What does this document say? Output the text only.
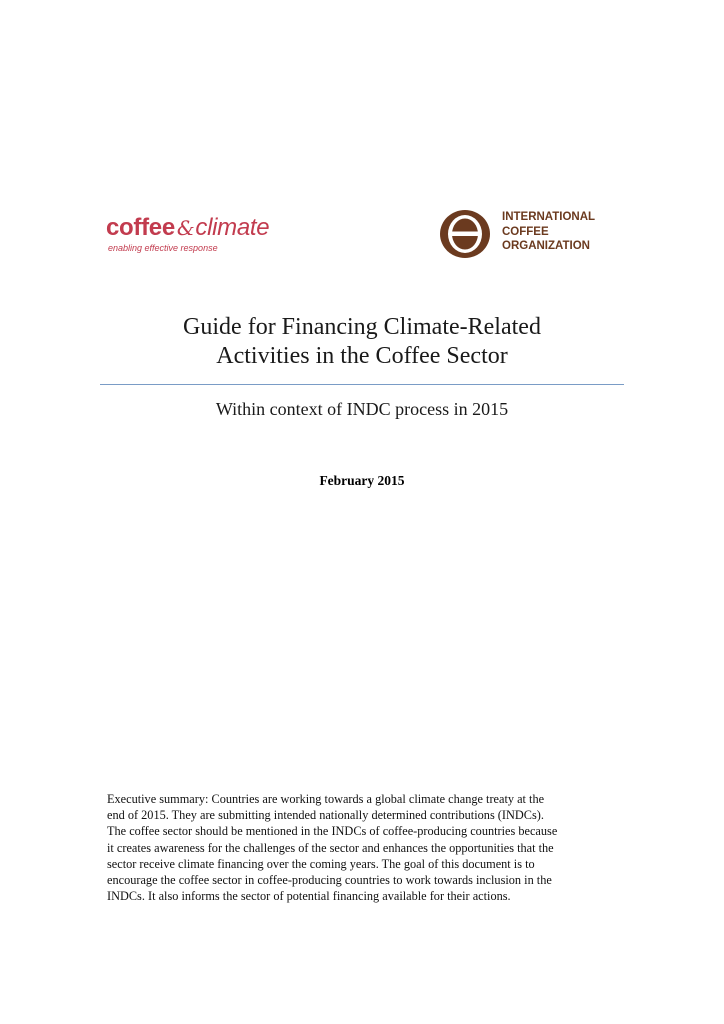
coffee &climate
enabling effective response
INTERNATIONAL
COFFEE
ORGANIZATION
Guide for Financing Climate-Related
Activities in the Coffee Sector
Within context of INDC process in 2015
February 2015
Executive summary: Countries are working towards a global climate change treaty at the
end of 2015. They are submitting intended nationally determined contributions (INDCs).
The coffee sector should be mentioned in the INDCs of coffee-producing countries because
it creates awareness for the challenges of the sector and enhances the opportunities that the
sector receive climate financing over the coming years. The goal of this document is to
encourage the coffee sector in coffee-producing countries to work towards inclusion in the
INDCs. It also informs the sector of potential financing available for their actions.
